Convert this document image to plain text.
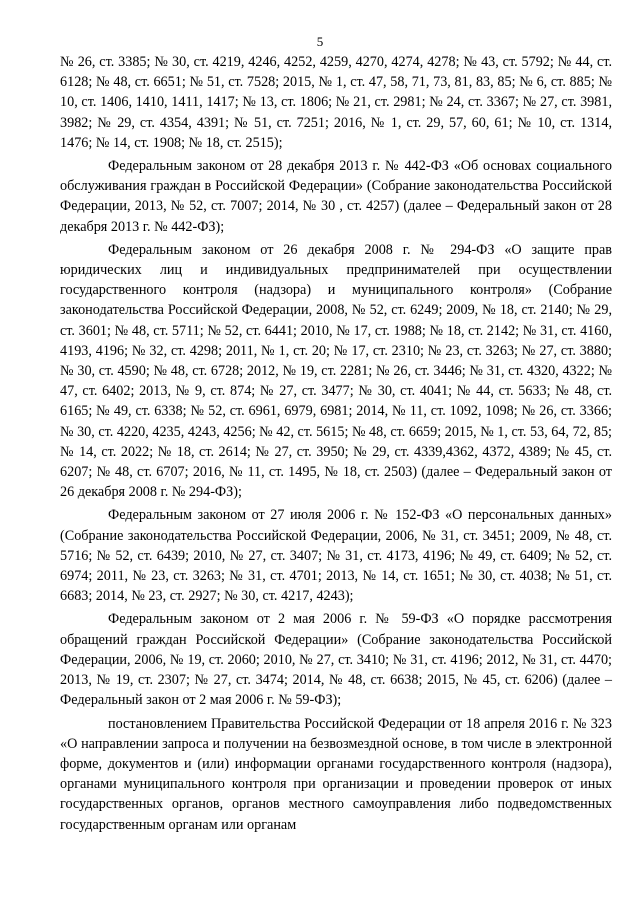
5

№ 26, ст. 3385; № 30, ст. 4219, 4246, 4252, 4259, 4270, 4274, 4278; № 43, ст. 5792; № 44, ст. 6128; № 48, ст. 6651; № 51, ст. 7528; 2015, № 1, ст. 47, 58, 71, 73, 81, 83, 85; № 6, ст. 885; № 10, ст. 1406, 1410, 1411, 1417; № 13, ст. 1806; № 21, ст. 2981; № 24, ст. 3367; № 27, ст. 3981, 3982; № 29, ст. 4354, 4391; № 51, ст. 7251; 2016, № 1, ст. 29, 57, 60, 61; № 10, ст. 1314, 1476; № 14, ст. 1908; № 18, ст. 2515);

Федеральным законом от 28 декабря 2013 г. № 442-ФЗ «Об основах социального обслуживания граждан в Российской Федерации» (Собрание законодательства Российской Федерации, 2013, № 52, ст. 7007; 2014, № 30 , ст. 4257) (далее – Федеральный закон от 28 декабря 2013 г. № 442-ФЗ);

Федеральным законом от 26 декабря 2008 г. № 294-ФЗ «О защите прав юридических лиц и индивидуальных предпринимателей при осуществлении государственного контроля (надзора) и муниципального контроля» (Собрание законодательства Российской Федерации, 2008, № 52, ст. 6249; 2009, № 18, ст. 2140; № 29, ст. 3601; № 48, ст. 5711; № 52, ст. 6441; 2010, № 17, ст. 1988; № 18, ст. 2142; № 31, ст. 4160, 4193, 4196; № 32, ст. 4298; 2011, № 1, ст. 20; № 17, ст. 2310; № 23, ст. 3263; № 27, ст. 3880; № 30, ст. 4590; № 48, ст. 6728; 2012, № 19, ст. 2281; № 26, ст. 3446; № 31, ст. 4320, 4322; № 47, ст. 6402; 2013, № 9, ст. 874; № 27, ст. 3477; № 30, ст. 4041; № 44, ст. 5633; № 48, ст. 6165; № 49, ст. 6338; № 52, ст. 6961, 6979, 6981; 2014, № 11, ст. 1092, 1098; № 26, ст. 3366; № 30, ст. 4220, 4235, 4243, 4256; № 42, ст. 5615; № 48, ст. 6659; 2015, № 1, ст. 53, 64, 72, 85; № 14, ст. 2022; № 18, ст. 2614; № 27, ст. 3950; № 29, ст. 4339,4362, 4372, 4389; № 45, ст. 6207; № 48, ст. 6707; 2016, № 11, ст. 1495, № 18, ст. 2503) (далее – Федеральный закон от 26 декабря 2008 г. № 294-ФЗ);

Федеральным законом от 27 июля 2006 г. № 152-ФЗ «О персональных данных» (Собрание законодательства Российской Федерации, 2006, № 31, ст. 3451; 2009, № 48, ст. 5716; № 52, ст. 6439; 2010, № 27, ст. 3407; № 31, ст. 4173, 4196; № 49, ст. 6409; № 52, ст. 6974; 2011, № 23, ст. 3263; № 31, ст. 4701; 2013, № 14, ст. 1651; № 30, ст. 4038; № 51, ст. 6683; 2014, № 23, ст. 2927; № 30, ст. 4217, 4243);

Федеральным законом от 2 мая 2006 г. № 59-ФЗ «О порядке рассмотрения обращений граждан Российской Федерации» (Собрание законодательства Российской Федерации, 2006, № 19, ст. 2060; 2010, № 27, ст. 3410; № 31, ст. 4196; 2012, № 31, ст. 4470; 2013, № 19, ст. 2307; № 27, ст. 3474; 2014, № 48, ст. 6638; 2015, № 45, ст. 6206) (далее – Федеральный закон от 2 мая 2006 г. № 59-ФЗ);

постановлением Правительства Российской Федерации от 18 апреля 2016 г. № 323 «О направлении запроса и получении на безвозмездной основе, в том числе в электронной форме, документов и (или) информации органами государственного контроля (надзора), органами муниципального контроля при организации и проведении проверок от иных государственных органов, органов местного самоуправления либо подведомственных государственным органам или органам
